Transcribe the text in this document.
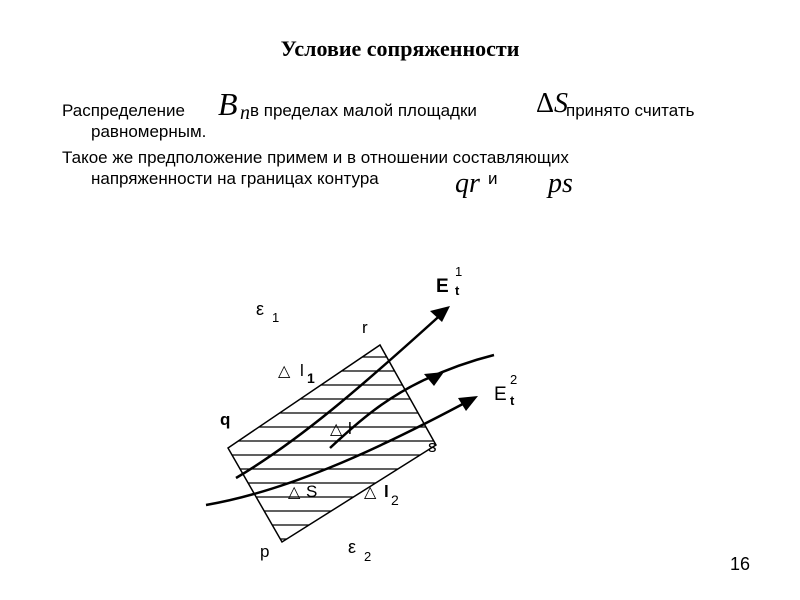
Условие сопряженности
Распределение B n в пределах малой площадки Δ S
принято считать
равномерным.
Такое же предположение примем и в отношении составляющих
напряженности на границах контура	qr и ps
ε 1
ε 2
E
1
t
E
2
t
r
q
s
p
△ l 1
△ l
△ S	△ l 2
16
